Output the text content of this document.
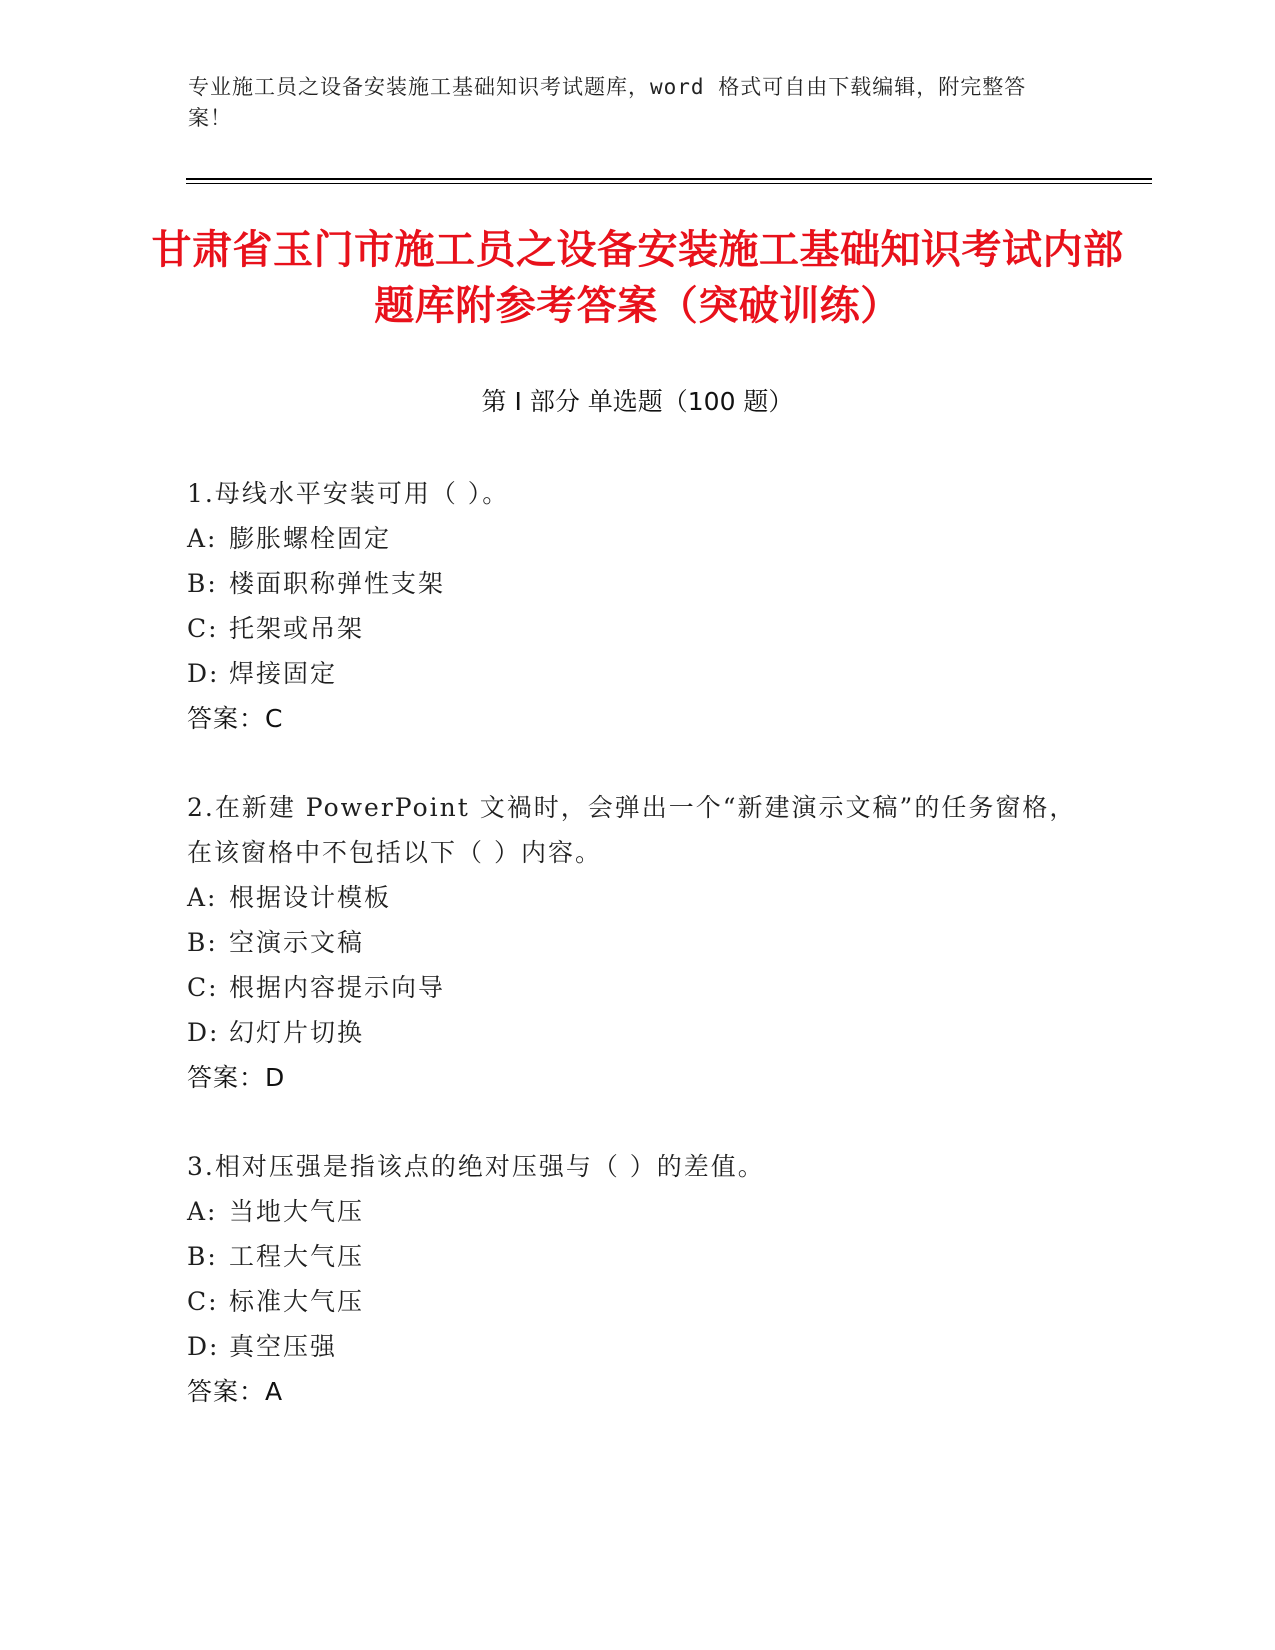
专业施工员之设备安装施工基础知识考试题库，word 格式可自由下载编辑，附完整答案！
甘肃省玉门市施工员之设备安装施工基础知识考试内部题库附参考答案（突破训练）
第 I 部分 单选题（100 题）

1.母线水平安装可用（ ）。

A: 膨胀螺栓固定

B: 楼面职称弹性支架

C: 托架或吊架

D: 焊接固定

答案：C

2.在新建 PowerPoint 文禍时，会弹出一个“新建演示文稿”的任务窗格，在该窗格中不包括以下（ ）内容。

A: 根据设计模板

B: 空演示文稿

C: 根据内容提示向导

D: 幻灯片切换

答案：D

3.相对压强是指该点的绝对压强与（ ）的差值。

A: 当地大气压

B: 工程大气压

C: 标准大气压

D: 真空压强

答案：A
